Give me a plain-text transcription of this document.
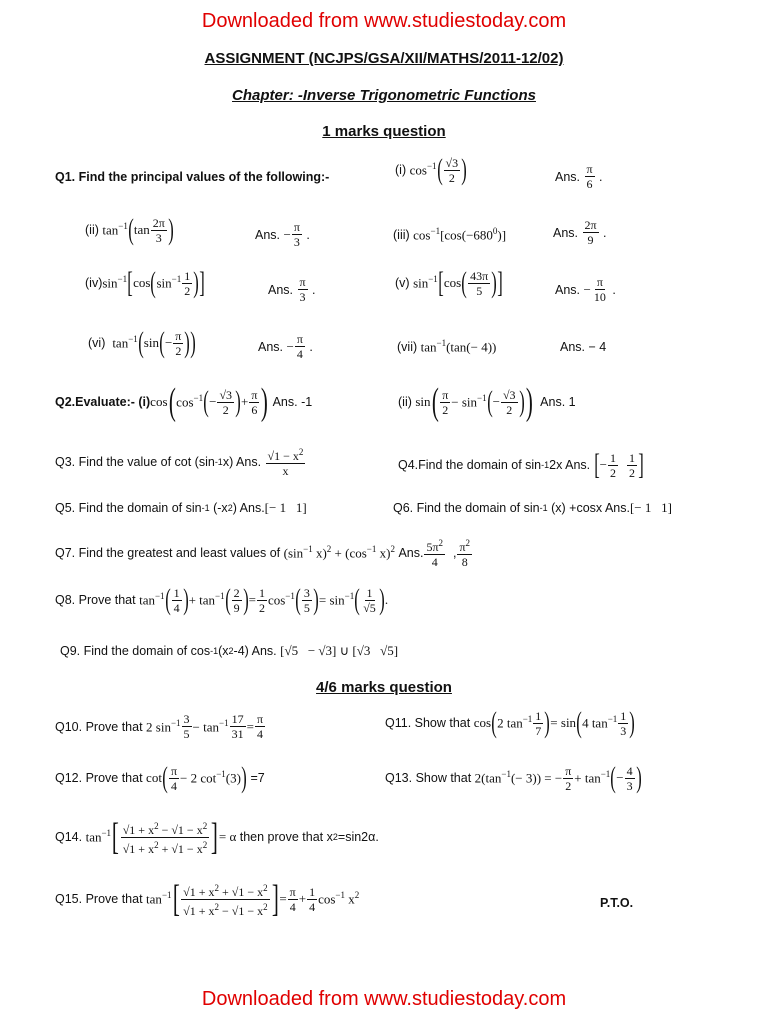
Downloaded from www.studiestoday.com
Downloaded from www.studiestoday.com
ASSIGNMENT (NCJPS/GSA/XII/MATHS/2011-12/02)
Chapter: -Inverse Trigonometric Functions
1 marks question
4/6 marks question
Q1. Find the principal values of the following:-	(i)
$\cos^{-1}$ ( $\frac{√3}{2}$ )	Ans.
$\frac{\pi}{6}$ .
(ii)
$\tan^{-1}$ ( $\tan \frac{2\pi}{3}$ )	Ans.
− $\frac{\pi}{3}$ .	(iii)
$\cos^{-1}[\cos(-680^0)]$	Ans.
$\frac{2\pi}{9}$ .
(iv) $\sin^{-1}$ [ cos ( $\sin^{-1} \frac{1}{2}$ ) ]	Ans.
$\frac{\pi}{3}$ .	(v)
$\sin^{-1}$ [ cos ( $\frac{43\pi}{5}$ ) ]	Ans.
− $\frac{\pi}{10}$ .
(vi)
$\tan^{-1}$ ( sin ( − $\frac{\pi}{2}$ ) )	Ans.
− $\frac{\pi}{4}$ .	(vii)
$\tan^{-1}(\tan(- 4))$	Ans. − 4
Q2.Evaluate:- (i) cos ( $\cos^{-1}$ ( − $\frac{√3}{2}$ ) + $\frac{\pi}{6}$ )
Ans. -1	(ii)
sin ( $\frac{\pi}{2} - \sin^{-1}$ ( − $\frac{√3}{2}$ ) )
Ans. 1
Q3. Find the value of cot (sin -1 x) Ans.
$\frac{√1 - x^2}{x}$	Q4.Find the domain of sin -1 2x Ans.
[ − $\frac{1}{2}$
$\frac{1}{2}$ ]
Q5. Find the domain of sin -1
(-x 2 ) Ans. [− 1   1]	Q6. Find the domain of sin -1
(x) +cosx Ans. [− 1   1]
Q7. Find the greatest and least values of
($\sin^{-1}$ $x)^2 + (\cos^{-1}$ x)$^2$
Ans. $\frac{5\pi^2}{4}$ , $\frac{\pi^2}{8}$
Q8. Prove that
$\tan^{-1}$ ( $\frac{1}{4}$ ) + $\tan^{-1}$ ( $\frac{2}{9}$ ) = $\frac{1}{2} \cos^{-1}$ ( $\frac{3}{5}$ ) = $\sin^{-1}$ ( $\frac{1}{√5}$ ) .
Q9. Find the domain of cos -1 (x 2 -4) Ans.
[√5   − √3] ∪ [√3   √5]
Q10. Prove that
2 $\sin^{-1} \frac{3}{5} - \tan^{-1} \frac{17}{31} = \frac{\pi}{4}$	Q11. Show that
cos ( 2 $\tan^{-1} \frac{1}{7}$ ) = sin ( 4 $\tan^{-1} \frac{1}{3}$ )
Q12. Prove that
cot ( $\frac{\pi}{4} - 2$ $\cot^{-1}(3)$ )
=7	Q13. Show that
$2(\tan^{-1}(- 3))$ = − $\frac{\pi}{2} + \tan^{-1}$ ( − $\frac{4}{3}$ )
Q14.
$\tan^{-1}$ [ $\frac{√1 + x^2 - √1 - x^2}{√1 + x^2 + √1 - x^2}$ ] = α
then prove that x 2 =sin2α.
Q15. Prove that
$\tan^{-1}$ [ $\frac{√1 + x^2 + √1 - x^2}{√1 + x^2 - √1 - x^2}$ ] = $\frac{\pi}{4} + \frac{1}{4} \cos^{-1} x^2$
P.T.O.
